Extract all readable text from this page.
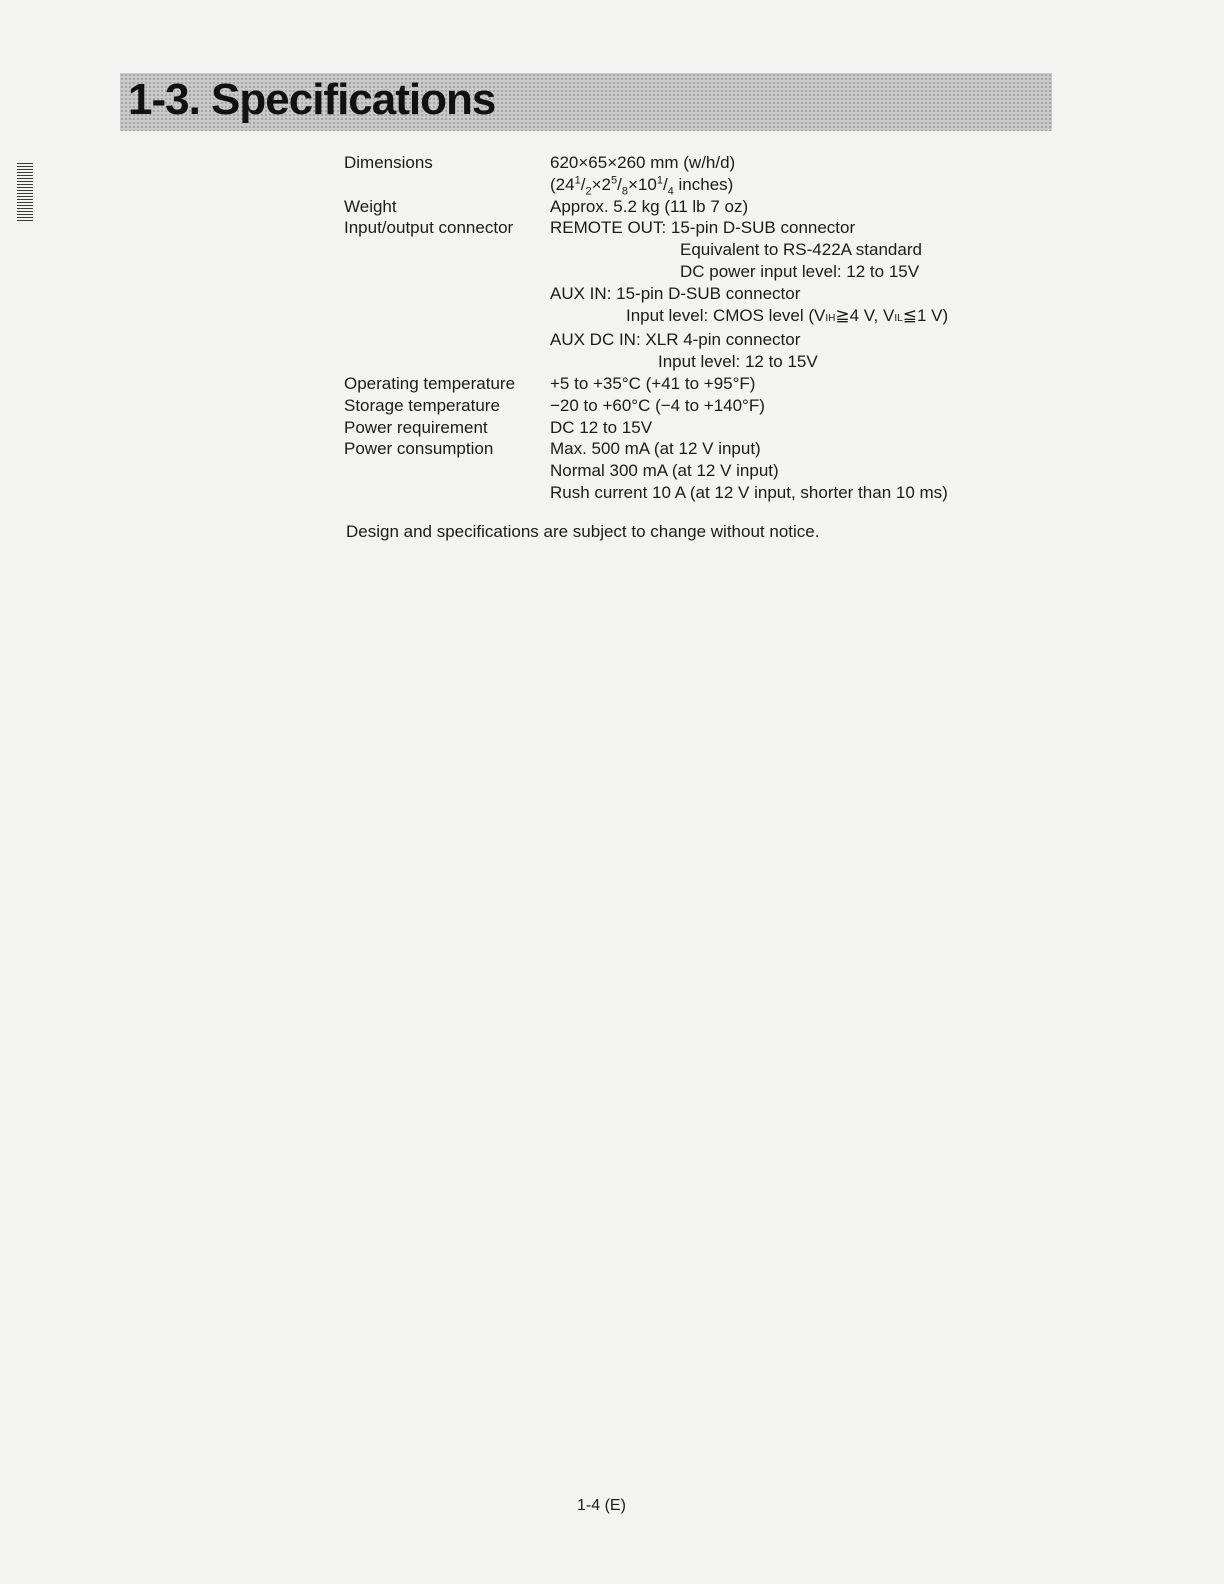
1-3. Specifications
Dimensions	620×65×260 mm (w/h/d)
($24^1/_2\times 2^5/_8\times 10^1/_4$ inches)
Weight	Approx. 5.2 kg (11 lb 7 oz)
Input/output connector	REMOTE OUT: 15-pin D-SUB connector
Equivalent to RS-422A standard
DC power input level: 12 to 15V
AUX IN: 15-pin D-SUB connector
Input level: CMOS level (VIH≧4 V, VIL≦1 V)
AUX DC IN: XLR 4-pin connector
Input level: 12 to 15V
Operating temperature	+5 to +35°C (+41 to +95°F)
Storage temperature	−20 to +60°C (−4 to +140°F)
Power requirement	DC 12 to 15V
Power consumption	Max. 500 mA (at 12 V input)
Normal 300 mA (at 12 V input)
Rush current 10 A (at 12 V input, shorter than 10 ms)
Design and specifications are subject to change without notice.
1-4 (E)
